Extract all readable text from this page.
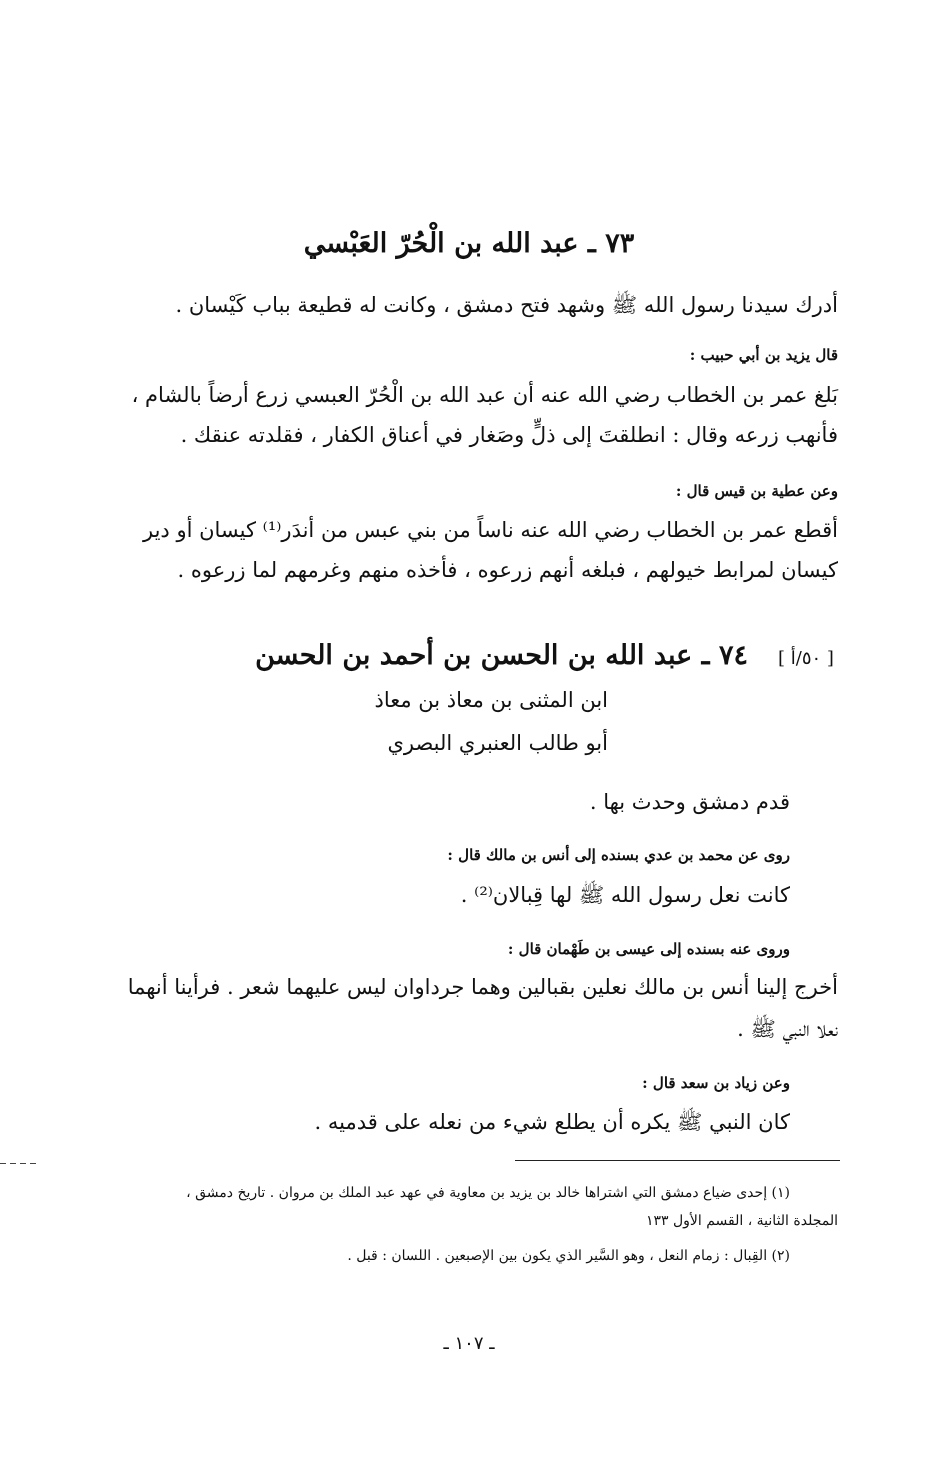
٧٣ ـ عبد الله بن الْحُرّ العَبْسي
أدرك سيدنا رسول الله ﷺ وشهد فتح دمشق ، وكانت له قطيعة بباب كَيْسان .
قال يزيد بن أبي حبيب :
بَلغ عمر بن الخطاب رضي الله عنه أن عبد الله بن الْحُرّ العبسي زرع أرضاً بالشام ،
فأنهب زرعه وقال : انطلقتَ إلى ذلٍّ وصَغار في أعناق الكفار ، فقلدته عنقك .
وعن عطية بن قيس قال :
أقطع عمر بن الخطاب رضي الله عنه ناساً من بني عبس من أندَر⁽¹⁾ كيسان أو دير
كيسان لمرابط خيولهم ، فبلغه أنهم زرعوه ، فأخذه منهم وغرمهم لما زرعوه .
[ ٥٠/أ ]
٧٤ ـ عبد الله بن الحسن بن أحمد بن الحسن
ابن المثنى بن معاذ بن معاذ
أبو طالب العنبري البصري
قدم دمشق وحدث بها .
روى عن محمد بن عدي بسنده إلى أنس بن مالك قال :
كانت نعل رسول الله ﷺ لها قِبالان⁽²⁾ .
وروى عنه بسنده إلى عيسى بن طَهْمان قال :
أخرج إلينا أنس بن مالك نعلين بقبالين وهما جرداوان ليس عليهما شعر . فرأينا أنهما
نعلا النبي ﷺ .
وعن زياد بن سعد قال :
كان النبي ﷺ يكره أن يطلع شيء من نعله على قدميه .
(١) إحدى ضياع دمشق التي اشتراها خالد بن يزيد بن معاوية في عهد عبد الملك بن مروان . تاريخ دمشق ،
المجلدة الثانية ، القسم الأول ١٣٣
(٢) القِبال : زمام النعل ، وهو السَّير الذي يكون بين الإصبعين . اللسان : قبل .
ـ ١٠٧ ـ
